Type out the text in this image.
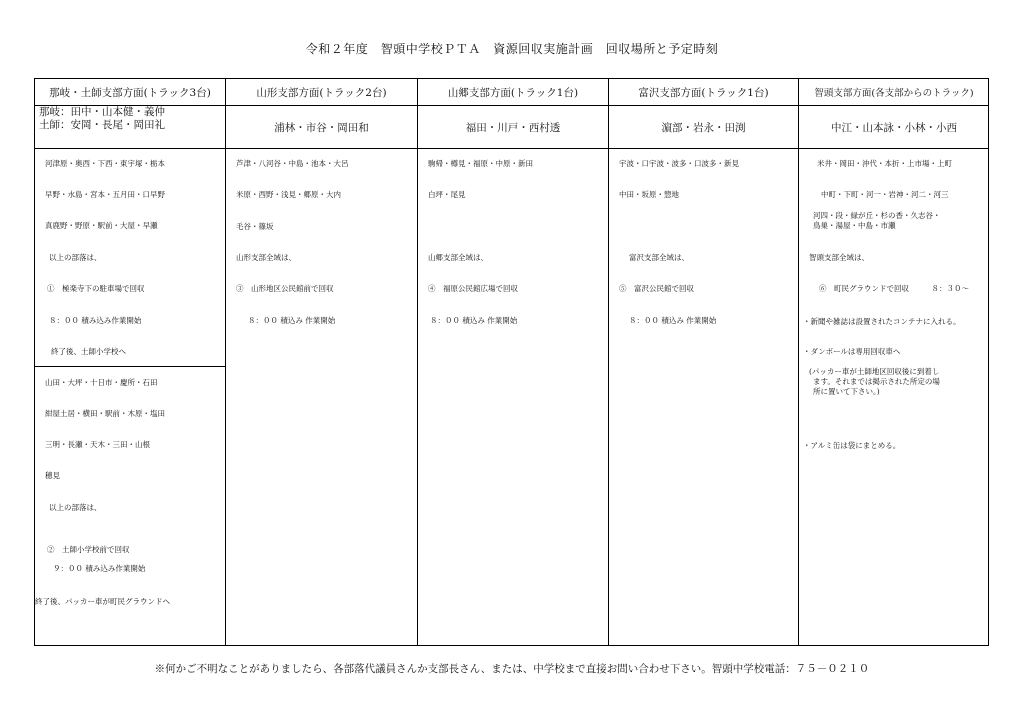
令和２年度　智頭中学校ＰＴＡ　資源回収実施計画　回収場所と予定時刻
那岐・土師支部方面(トラック3台)
那岐：田中・山本健・義仲
土師：安岡・長尾・岡田礼
河津原・奥西・下西・東宇塚・栃本
早野・水島・宮本・五月田・口早野
真鹿野・野原・駅前・大屋・早瀬
以上の部落は、
①　極楽寺下の駐車場で回収
８：００ 積み込み作業開始
終了後、土師小学校へ
山田・大坪・十日市・慶所・石田
紺屋土居・横田・駅前・木原・塩田
三明・長瀬・天木・三田・山根
穂見
以上の部落は、
②　土師小学校前で回収
９：００ 積み込み作業開始
終了後、パッカー車が町民グラウンドへ
山形支部方面(トラック2台)
浦林・市谷・岡田和
芦津・八河谷・中島・池本・大呂
米原・西野・浅見・郷原・大内
毛谷・篠坂
山形支部全域は、
③　山形地区公民館前で回収
８：００ 積込み 作業開始
山郷支部方面(トラック1台)
福田・川戸・西村透
駒帰・樽見・福原・中原・新田
白坪・尾見
山郷支部全域は、
④　福原公民館広場で回収
８：００ 積込み 作業開始
富沢支部方面(トラック1台)
濵部・岩永・田渕
宇波・口宇波・波多・口波多・新見
中田・坂原・惣地
富沢支部全域は、
⑤　富沢公民館で回収
８：００ 積込み 作業開始
智頭支部方面(各支部からのトラック)
中江・山本詠・小林・小西
米井・岡田・沖代・本折・上市場・上町
中町・下町・河一・岩神・河二・河三
河四・段・緑が丘・杉の香・久志谷・
鳥巣・湯屋・中島・市瀬
智頭支部全域は、
⑥　町民グラウンドで回収　　　８：３０～
・新聞や雑誌は設置されたコンテナに入れる。
・ダンボールは専用回収車へ
(パッカー車が土師地区回収後に到着し
ます。それまでは掲示された所定の場
所に置いて下さい。)
・アルミ缶は袋にまとめる。
※何かご不明なことがありましたら、各部落代議員さんか支部長さん、または、中学校まで直接お問い合わせ下さい。智頭中学校電話：７５－０２１０
